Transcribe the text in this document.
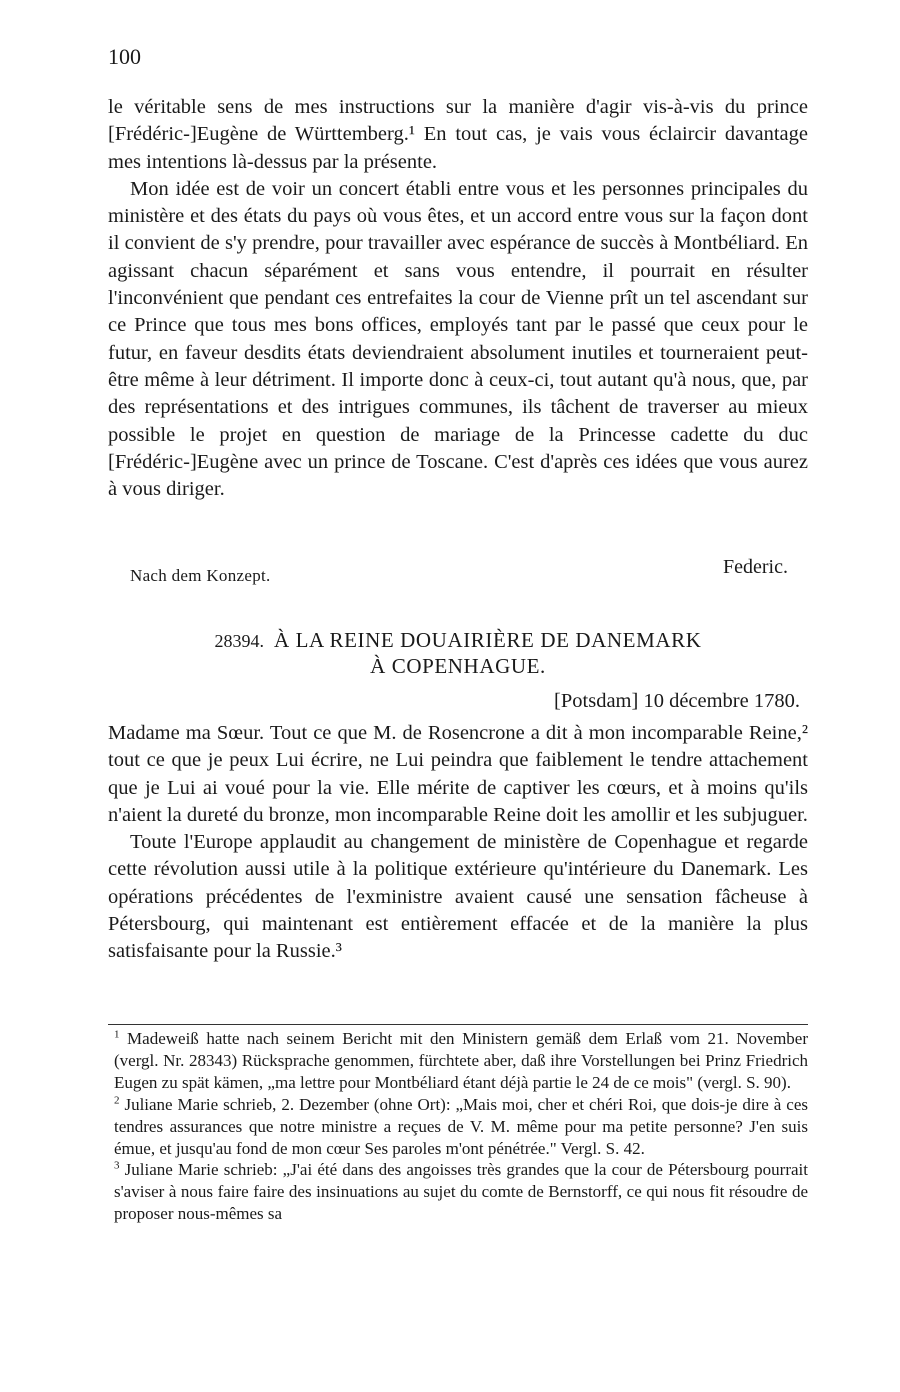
100

le véritable sens de mes instructions sur la manière d'agir vis-à-vis du prince [Frédéric-]Eugène de Württemberg.¹ En tout cas, je vais vous éclaircir davantage mes intentions là-dessus par la présente.

Mon idée est de voir un concert établi entre vous et les personnes principales du ministère et des états du pays où vous êtes, et un accord entre vous sur la façon dont il convient de s'y prendre, pour travailler avec espérance de succès à Montbéliard. En agissant chacun séparément et sans vous entendre, il pourrait en résulter l'inconvénient que pendant ces entrefaites la cour de Vienne prît un tel ascendant sur ce Prince que tous mes bons offices, employés tant par le passé que ceux pour le futur, en faveur desdits états deviendraient absolument inutiles et tourneraient peut-être même à leur détriment. Il importe donc à ceux-ci, tout autant qu'à nous, que, par des représentations et des intrigues communes, ils tâchent de traverser au mieux possible le projet en question de mariage de la Princesse cadette du duc [Frédéric-]Eugène avec un prince de Toscane. C'est d'après ces idées que vous aurez à vous diriger.

Nach dem Konzept.	Federic.
28394. À LA REINE DOUAIRIÈRE DE DANEMARK
À COPENHAGUE.
[Potsdam] 10 décembre 1780.

Madame ma Sœur. Tout ce que M. de Rosencrone a dit à mon incomparable Reine,² tout ce que je peux Lui écrire, ne Lui peindra que faiblement le tendre attachement que je Lui ai voué pour la vie. Elle mérite de captiver les cœurs, et à moins qu'ils n'aient la dureté du bronze, mon incomparable Reine doit les amollir et les subjuguer.

Toute l'Europe applaudit au changement de ministère de Copenhague et regarde cette révolution aussi utile à la politique extérieure qu'intérieure du Danemark. Les opérations précédentes de l'exministre avaient causé une sensation fâcheuse à Pétersbourg, qui maintenant est entièrement effacée et de la manière la plus satisfaisante pour la Russie.³

$^1$ Madeweiß hatte nach seinem Bericht mit den Ministern gemäß dem Erlaß vom 21. November (vergl. Nr. 28343) Rücksprache genommen, fürchtete aber, daß ihre Vorstellungen bei Prinz Friedrich Eugen zu spät kämen, „ma lettre pour Montbéliard étant déjà partie le 24 de ce mois" (vergl. S. 90).

$^2$ Juliane Marie schrieb, 2. Dezember (ohne Ort): „Mais moi, cher et chéri Roi, que dois-je dire à ces tendres assurances que notre ministre a reçues de V. M. même pour ma petite personne? J'en suis émue, et jusqu'au fond de mon cœur Ses paroles m'ont pénétrée." Vergl. S. 42.

$^3$ Juliane Marie schrieb: „J'ai été dans des angoisses très grandes que la cour de Pétersbourg pourrait s'aviser à nous faire faire des insinuations au sujet du comte de Bernstorff, ce qui nous fit résoudre de proposer nous-mêmes sa
